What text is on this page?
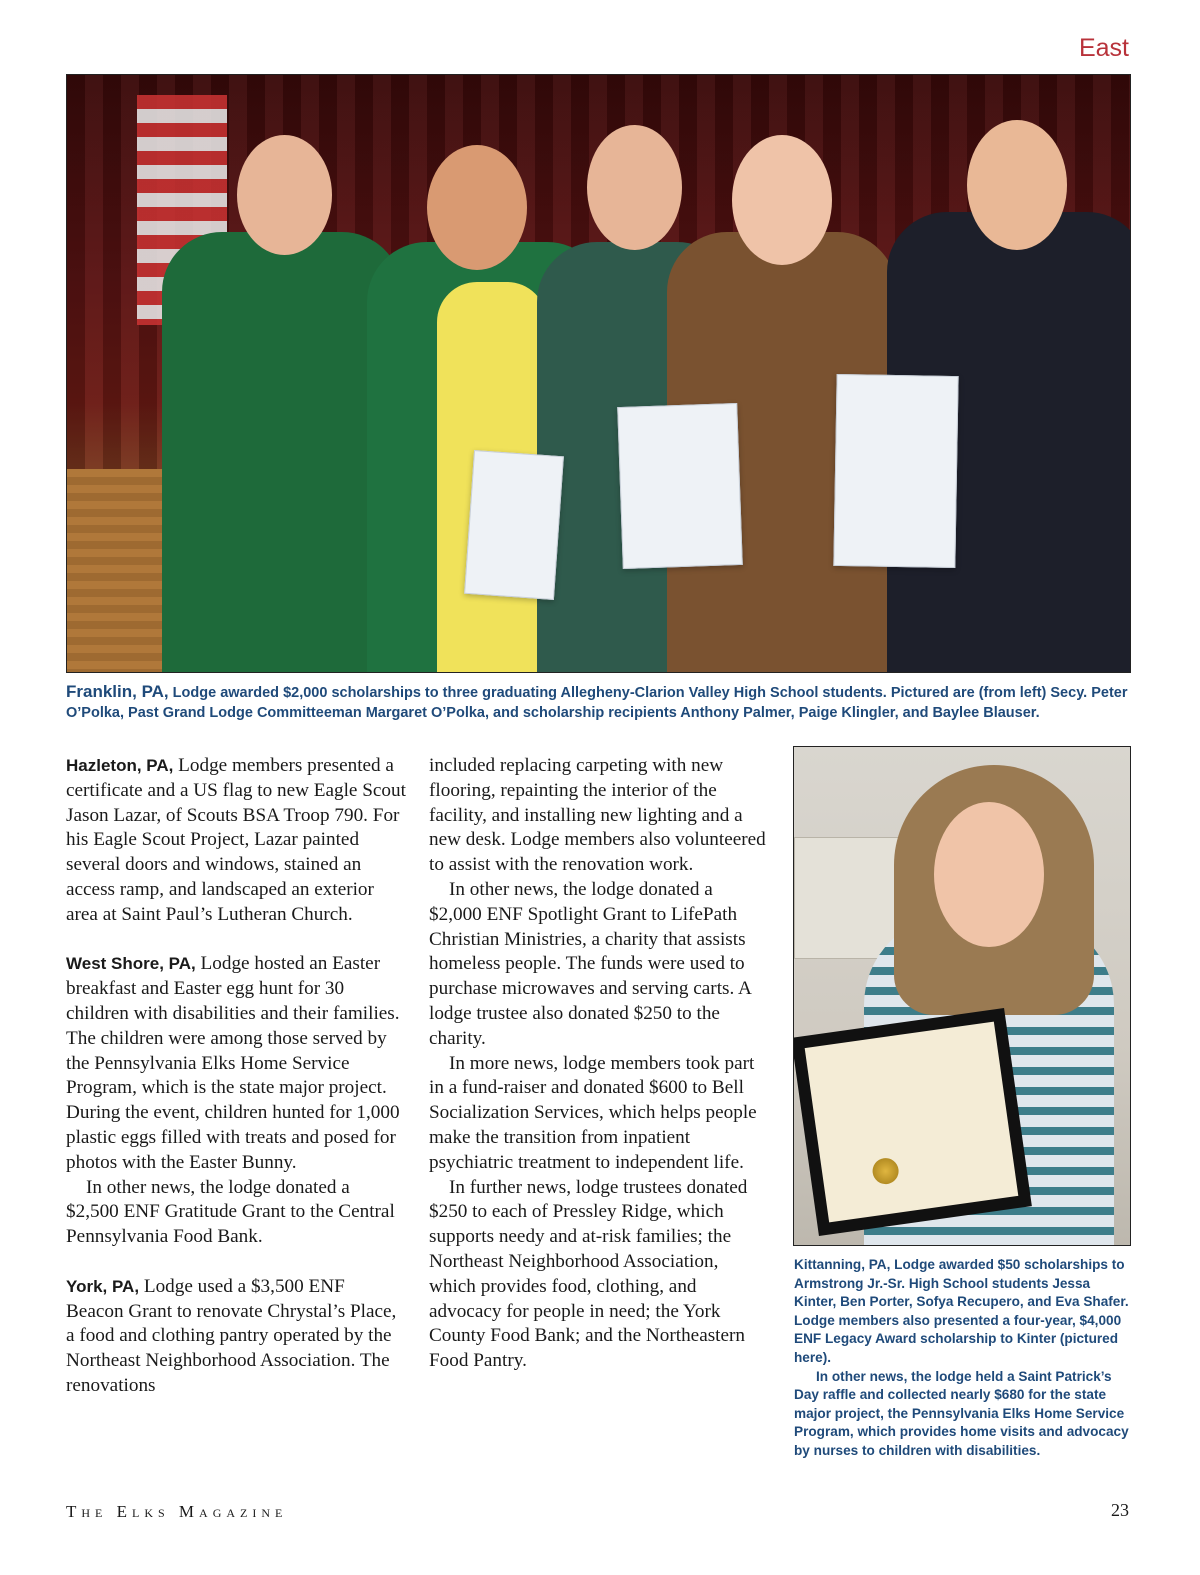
East
Franklin, PA, Lodge awarded $2,000 scholarships to three graduating Allegheny-Clarion Valley High School students. Pictured are (from left) Secy. Peter O’Polka, Past Grand Lodge Committeeman Margaret O’Polka, and scholarship recipients Anthony Palmer, Paige Klingler, and Baylee Blauser.

Hazleton, PA, Lodge members presented a certificate and a US flag to new Eagle Scout Jason Lazar, of Scouts BSA Troop 790. For his Eagle Scout Project, Lazar painted several doors and windows, stained an access ramp, and landscaped an exterior area at Saint Paul’s Lutheran Church.

West Shore, PA, Lodge hosted an Easter breakfast and Easter egg hunt for 30 children with disabilities and their families. The children were among those served by the Pennsylvania Elks Home Service Program, which is the state major project. During the event, children hunted for 1,000 plastic eggs filled with treats and posed for photos with the Easter Bunny.

In other news, the lodge donated a $2,500 ENF Gratitude Grant to the Central Pennsylvania Food Bank.

York, PA, Lodge used a $3,500 ENF Beacon Grant to renovate Chrystal’s Place, a food and clothing pantry operated by the Northeast Neighborhood Association. The renovations

included replacing carpeting with new flooring, repainting the interior of the facility, and installing new lighting and a new desk. Lodge members also volunteered to assist with the renovation work.

In other news, the lodge donated a $2,000 ENF Spotlight Grant to LifePath Christian Ministries, a charity that assists homeless people. The funds were used to purchase microwaves and serving carts. A lodge trustee also donated $250 to the charity.

In more news, lodge members took part in a fund-raiser and donated $600 to Bell Socialization Services, which helps people make the transition from inpatient psychiatric treatment to independent life.

In further news, lodge trustees donated $250 to each of Pressley Ridge, which supports needy and at-risk families; the Northeast Neighborhood Association, which provides food, clothing, and advocacy for people in need; the York County Food Bank; and the Northeastern Food Pantry.

Kittanning, PA, Lodge awarded $50 scholarships to Armstrong Jr.-Sr. High School students Jessa Kinter, Ben Porter, Sofya Recupero, and Eva Shafer. Lodge members also presented a four-year, $4,000 ENF Legacy Award scholarship to Kinter (pictured here).

In other news, the lodge held a Saint Patrick’s Day raffle and collected nearly $680 for the state major project, the Pennsylvania Elks Home Service Program, which provides home visits and advocacy by nurses to children with disabilities.

The Elks Magazine	23
